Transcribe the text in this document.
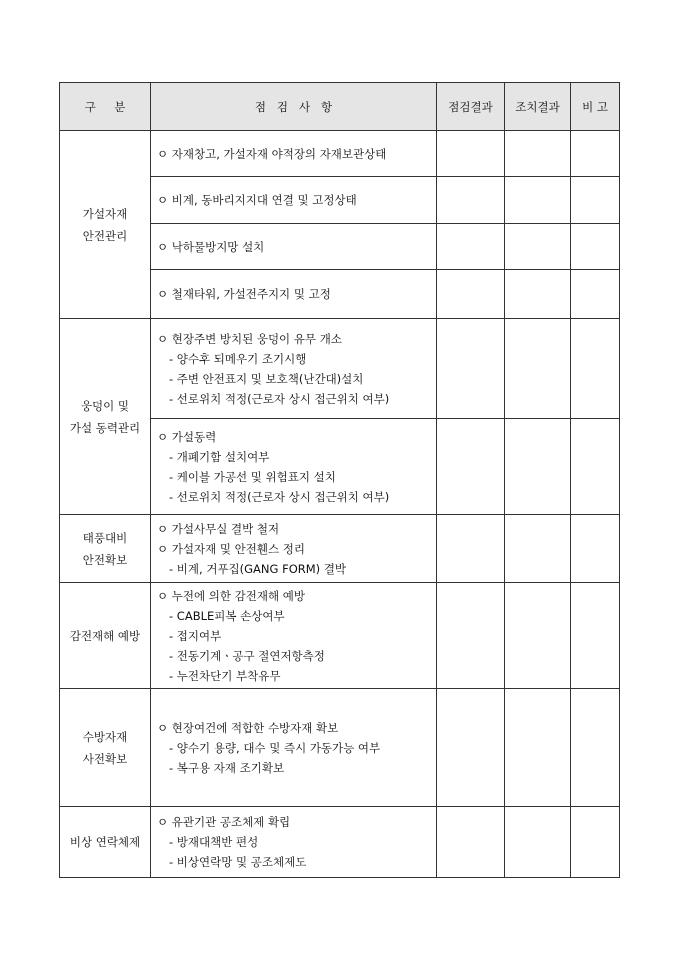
구     분	점   검   사   항	점검결과	조치결과	비 고

가설자재
안전관리	ㅇ 자재창고, 가설자재 야적장의 자재보관상태

	ㅇ 비계, 동바리지지대 연결 및 고정상태

	ㅇ 낙하물방지망 설치

	ㅇ 철재타워, 가설전주지지 및 고정

웅덩이 및
가설 동력관리	ㅇ 현장주변 방치된 웅덩이 유무 개소
- 양수후 되메우기 조기시행
- 주변 안전표지 및 보호책(난간대)설치
- 선로위치 적정(근로자 상시 접근위치 여부)

	ㅇ 가설동력
- 개폐기함 설치여부
- 케이블 가공선 및 위험표지 설치
- 선로위치 적정(근로자 상시 접근위치 여부)

태풍대비
안전확보	ㅇ 가설사무실 결박 철저
ㅇ 가설자재 및 안전휀스 정리
- 비계, 거푸집(GANG FORM) 결박

감전재해 예방	ㅇ 누전에 의한 감전재해 예방
- CABLE피복 손상여부
- 접지여부
- 전동기계ㆍ공구 절연저항측정
- 누전차단기 부착유무

수방자재
사전확보	ㅇ 현장여건에 적합한 수방자재 확보
- 양수기 용량, 대수 및 즉시 가동가능 여부
- 복구용 자재 조기확보

비상 연락체제	ㅇ 유관기관 공조체제 확립
- 방재대책반 편성
- 비상연락망 및 공조체제도
